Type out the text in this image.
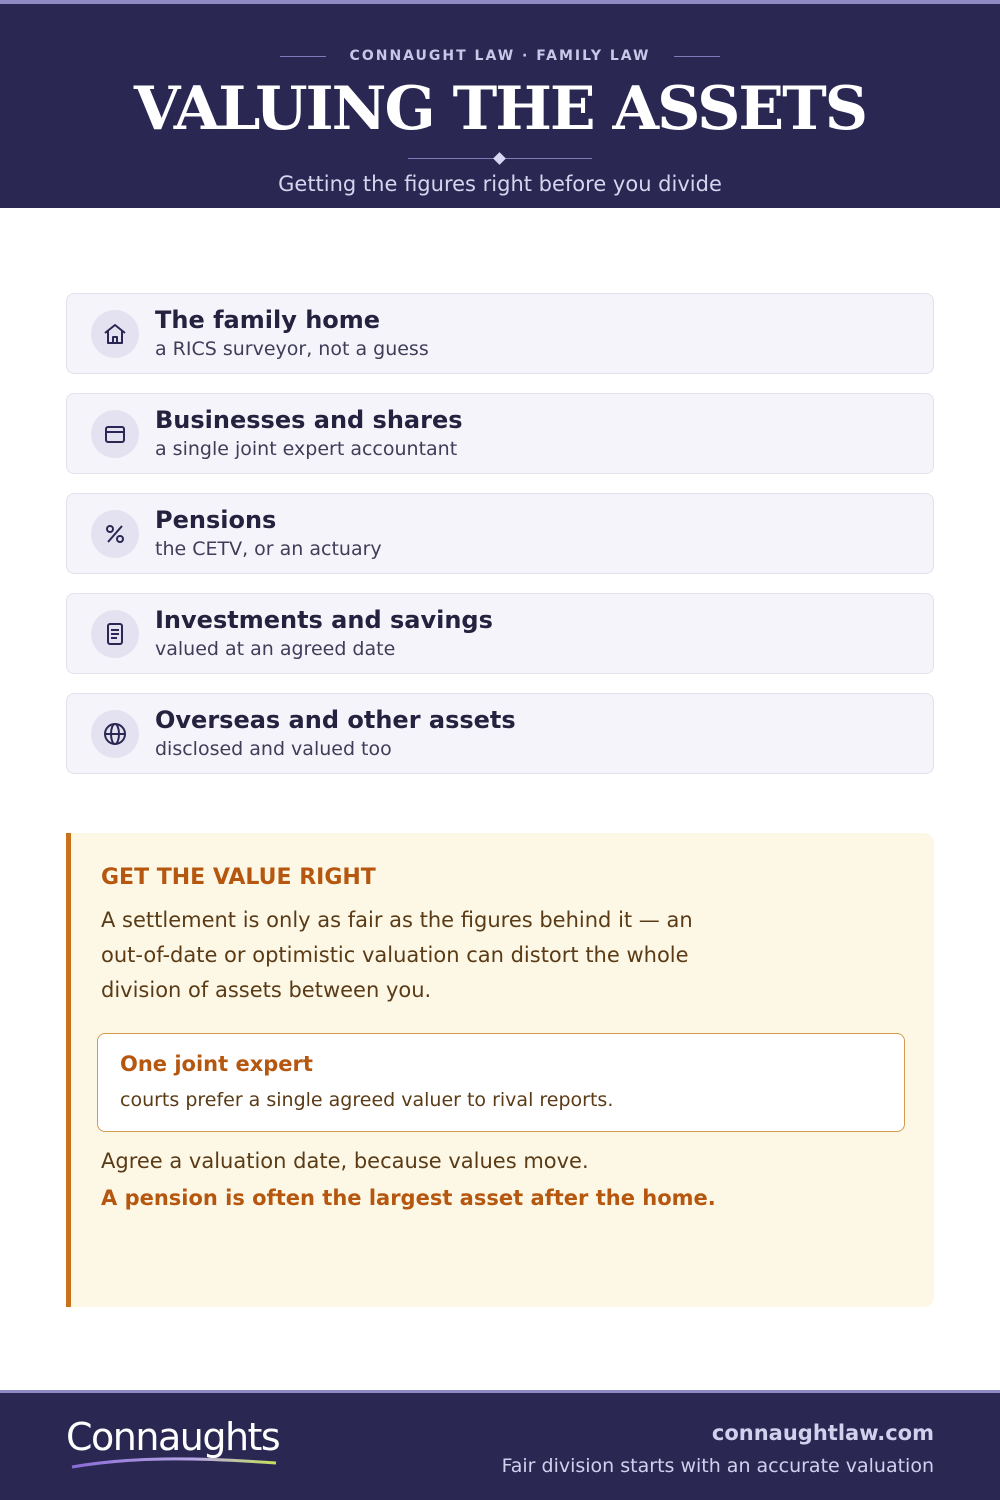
CONNAUGHT LAW · FAMILY LAW
VALUING THE ASSETS
Getting the figures right before you divide
The family home
a RICS surveyor, not a guess
Businesses and shares
a single joint expert accountant
Pensions
the CETV, or an actuary
Investments and savings
valued at an agreed date
Overseas and other assets
disclosed and valued too
GET THE VALUE RIGHT
A settlement is only as fair as the figures behind it — an out-of-date or optimistic valuation can distort the whole division of assets between you.
One joint expert
courts prefer a single agreed valuer to rival reports.
Agree a valuation date, because values move.
A pension is often the largest asset after the home.
Connaughts	connaughtlaw.com
Fair division starts with an accurate valuation
